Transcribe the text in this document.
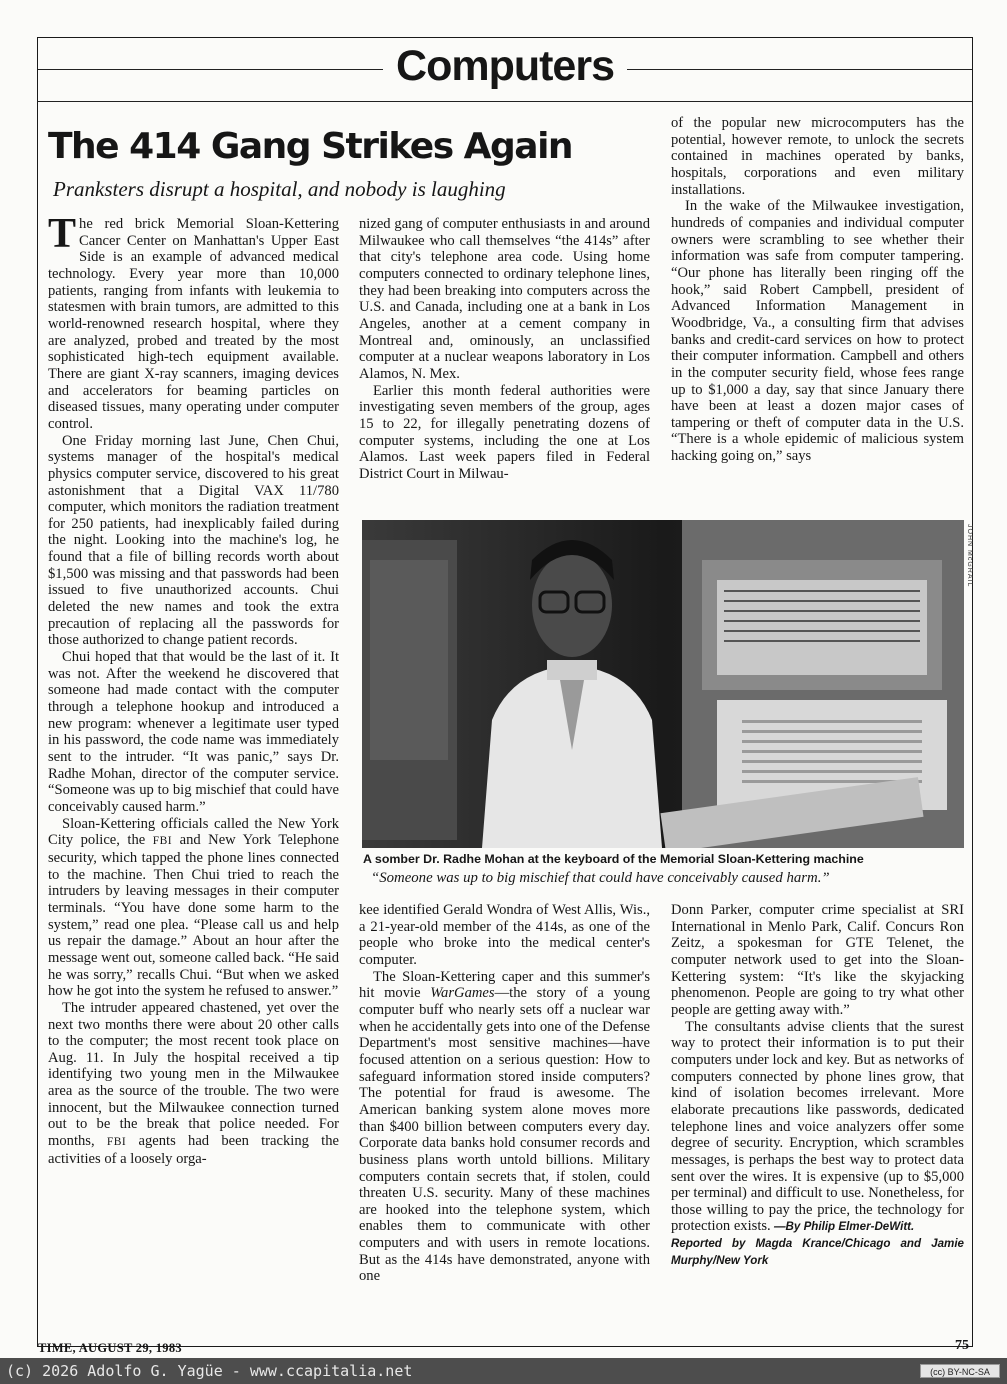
Computers
The 414 Gang Strikes Again
Pranksters disrupt a hospital, and nobody is laughing

The red brick Memorial Sloan-Kettering Cancer Center on Manhattan's Upper East Side is an example of advanced medical technology. Every year more than 10,000 patients, ranging from infants with leukemia to statesmen with brain tumors, are admitted to this world-renowned research hospital, where they are analyzed, probed and treated by the most sophisticated high-tech equipment available. There are giant X-ray scanners, imaging devices and accelerators for beaming particles on diseased tissues, many operating under computer control.

One Friday morning last June, Chen Chui, systems manager of the hospital's medical physics computer service, discovered to his great astonishment that a Digital VAX 11/780 computer, which monitors the radiation treatment for 250 patients, had inexplicably failed during the night. Looking into the machine's log, he found that a file of billing records worth about $1,500 was missing and that passwords had been issued to five unauthorized accounts. Chui deleted the new names and took the extra precaution of replacing all the passwords for those authorized to change patient records.

Chui hoped that that would be the last of it. It was not. After the weekend he discovered that someone had made contact with the computer through a telephone hookup and introduced a new program: whenever a legitimate user typed in his password, the code name was immediately sent to the intruder. “It was panic,” says Dr. Radhe Mohan, director of the computer service. “Someone was up to big mischief that could have conceivably caused harm.”

Sloan-Kettering officials called the New York City police, the FBI and New York Telephone security, which tapped the phone lines connected to the machine. Then Chui tried to reach the intruders by leaving messages in their computer terminals. “You have done some harm to the system,” read one plea. “Please call us and help us repair the damage.” About an hour after the message went out, someone called back. “He said he was sorry,” recalls Chui. “But when we asked how he got into the system he refused to answer.”

The intruder appeared chastened, yet over the next two months there were about 20 other calls to the computer; the most recent took place on Aug. 11. In July the hospital received a tip identifying two young men in the Milwaukee area as the source of the trouble. The two were innocent, but the Milwaukee connection turned out to be the break that police needed. For months, FBI agents had been tracking the activities of a loosely orga-

nized gang of computer enthusiasts in and around Milwaukee who call themselves “the 414s” after that city's telephone area code. Using home computers connected to ordinary telephone lines, they had been breaking into computers across the U.S. and Canada, including one at a bank in Los Angeles, another at a cement company in Montreal and, ominously, an unclassified computer at a nuclear weapons laboratory in Los Alamos, N. Mex.

Earlier this month federal authorities were investigating seven members of the group, ages 15 to 22, for illegally penetrating dozens of computer systems, including the one at Los Alamos. Last week papers filed in Federal District Court in Milwau-

of the popular new microcomputers has the potential, however remote, to unlock the secrets contained in machines operated by banks, hospitals, corporations and even military installations.

In the wake of the Milwaukee investigation, hundreds of companies and individual computer owners were scrambling to see whether their information was safe from computer tampering. “Our phone has literally been ringing off the hook,” said Robert Campbell, president of Advanced Information Management in Woodbridge, Va., a consulting firm that advises banks and credit-card services on how to protect their computer information. Campbell and others in the computer security field, whose fees range up to $1,000 a day, say that since January there have been at least a dozen major cases of tampering or theft of computer data in the U.S. “There is a whole epidemic of malicious system hacking going on,” says

kee identified Gerald Wondra of West Allis, Wis., a 21-year-old member of the 414s, as one of the people who broke into the medical center's computer.

The Sloan-Kettering caper and this summer's hit movie WarGames—the story of a young computer buff who nearly sets off a nuclear war when he accidentally gets into one of the Defense Department's most sensitive machines—have focused attention on a serious question: How to safeguard information stored inside computers? The potential for fraud is awesome. The American banking system alone moves more than $400 billion between computers every day. Corporate data banks hold consumer records and business plans worth untold billions. Military computers contain secrets that, if stolen, could threaten U.S. security. Many of these machines are hooked into the telephone system, which enables them to communicate with other computers and with users in remote locations. But as the 414s have demonstrated, anyone with one

Donn Parker, computer crime specialist at SRI International in Menlo Park, Calif. Concurs Ron Zeitz, a spokesman for GTE Telenet, the computer network used to get into the Sloan-Kettering system: “It's like the skyjacking phenomenon. People are going to try what other people are getting away with.”

The consultants advise clients that the surest way to protect their information is to put their computers under lock and key. But as networks of computers connected by phone lines grow, that kind of isolation becomes irrelevant. More elaborate precautions like passwords, dedicated telephone lines and voice analyzers offer some degree of security. Encryption, which scrambles messages, is perhaps the best way to protect data sent over the wires. It is expensive (up to $5,000 per terminal) and difficult to use. Nonetheless, for those willing to pay the price, the technology for protection exists. —By Philip Elmer-DeWitt.

Reported by Magda Krance/Chicago and Jamie Murphy/New York

JOHN McGRAIL
A somber Dr. Radhe Mohan at the keyboard of the Memorial Sloan-Kettering machine
“Someone was up to big mischief that could have conceivably caused harm.”
TIME, AUGUST 29, 1983	75
(c) 2026 Adolfo G. Yagüe - www.ccapitalia.net	(cc) BY-NC-SA
